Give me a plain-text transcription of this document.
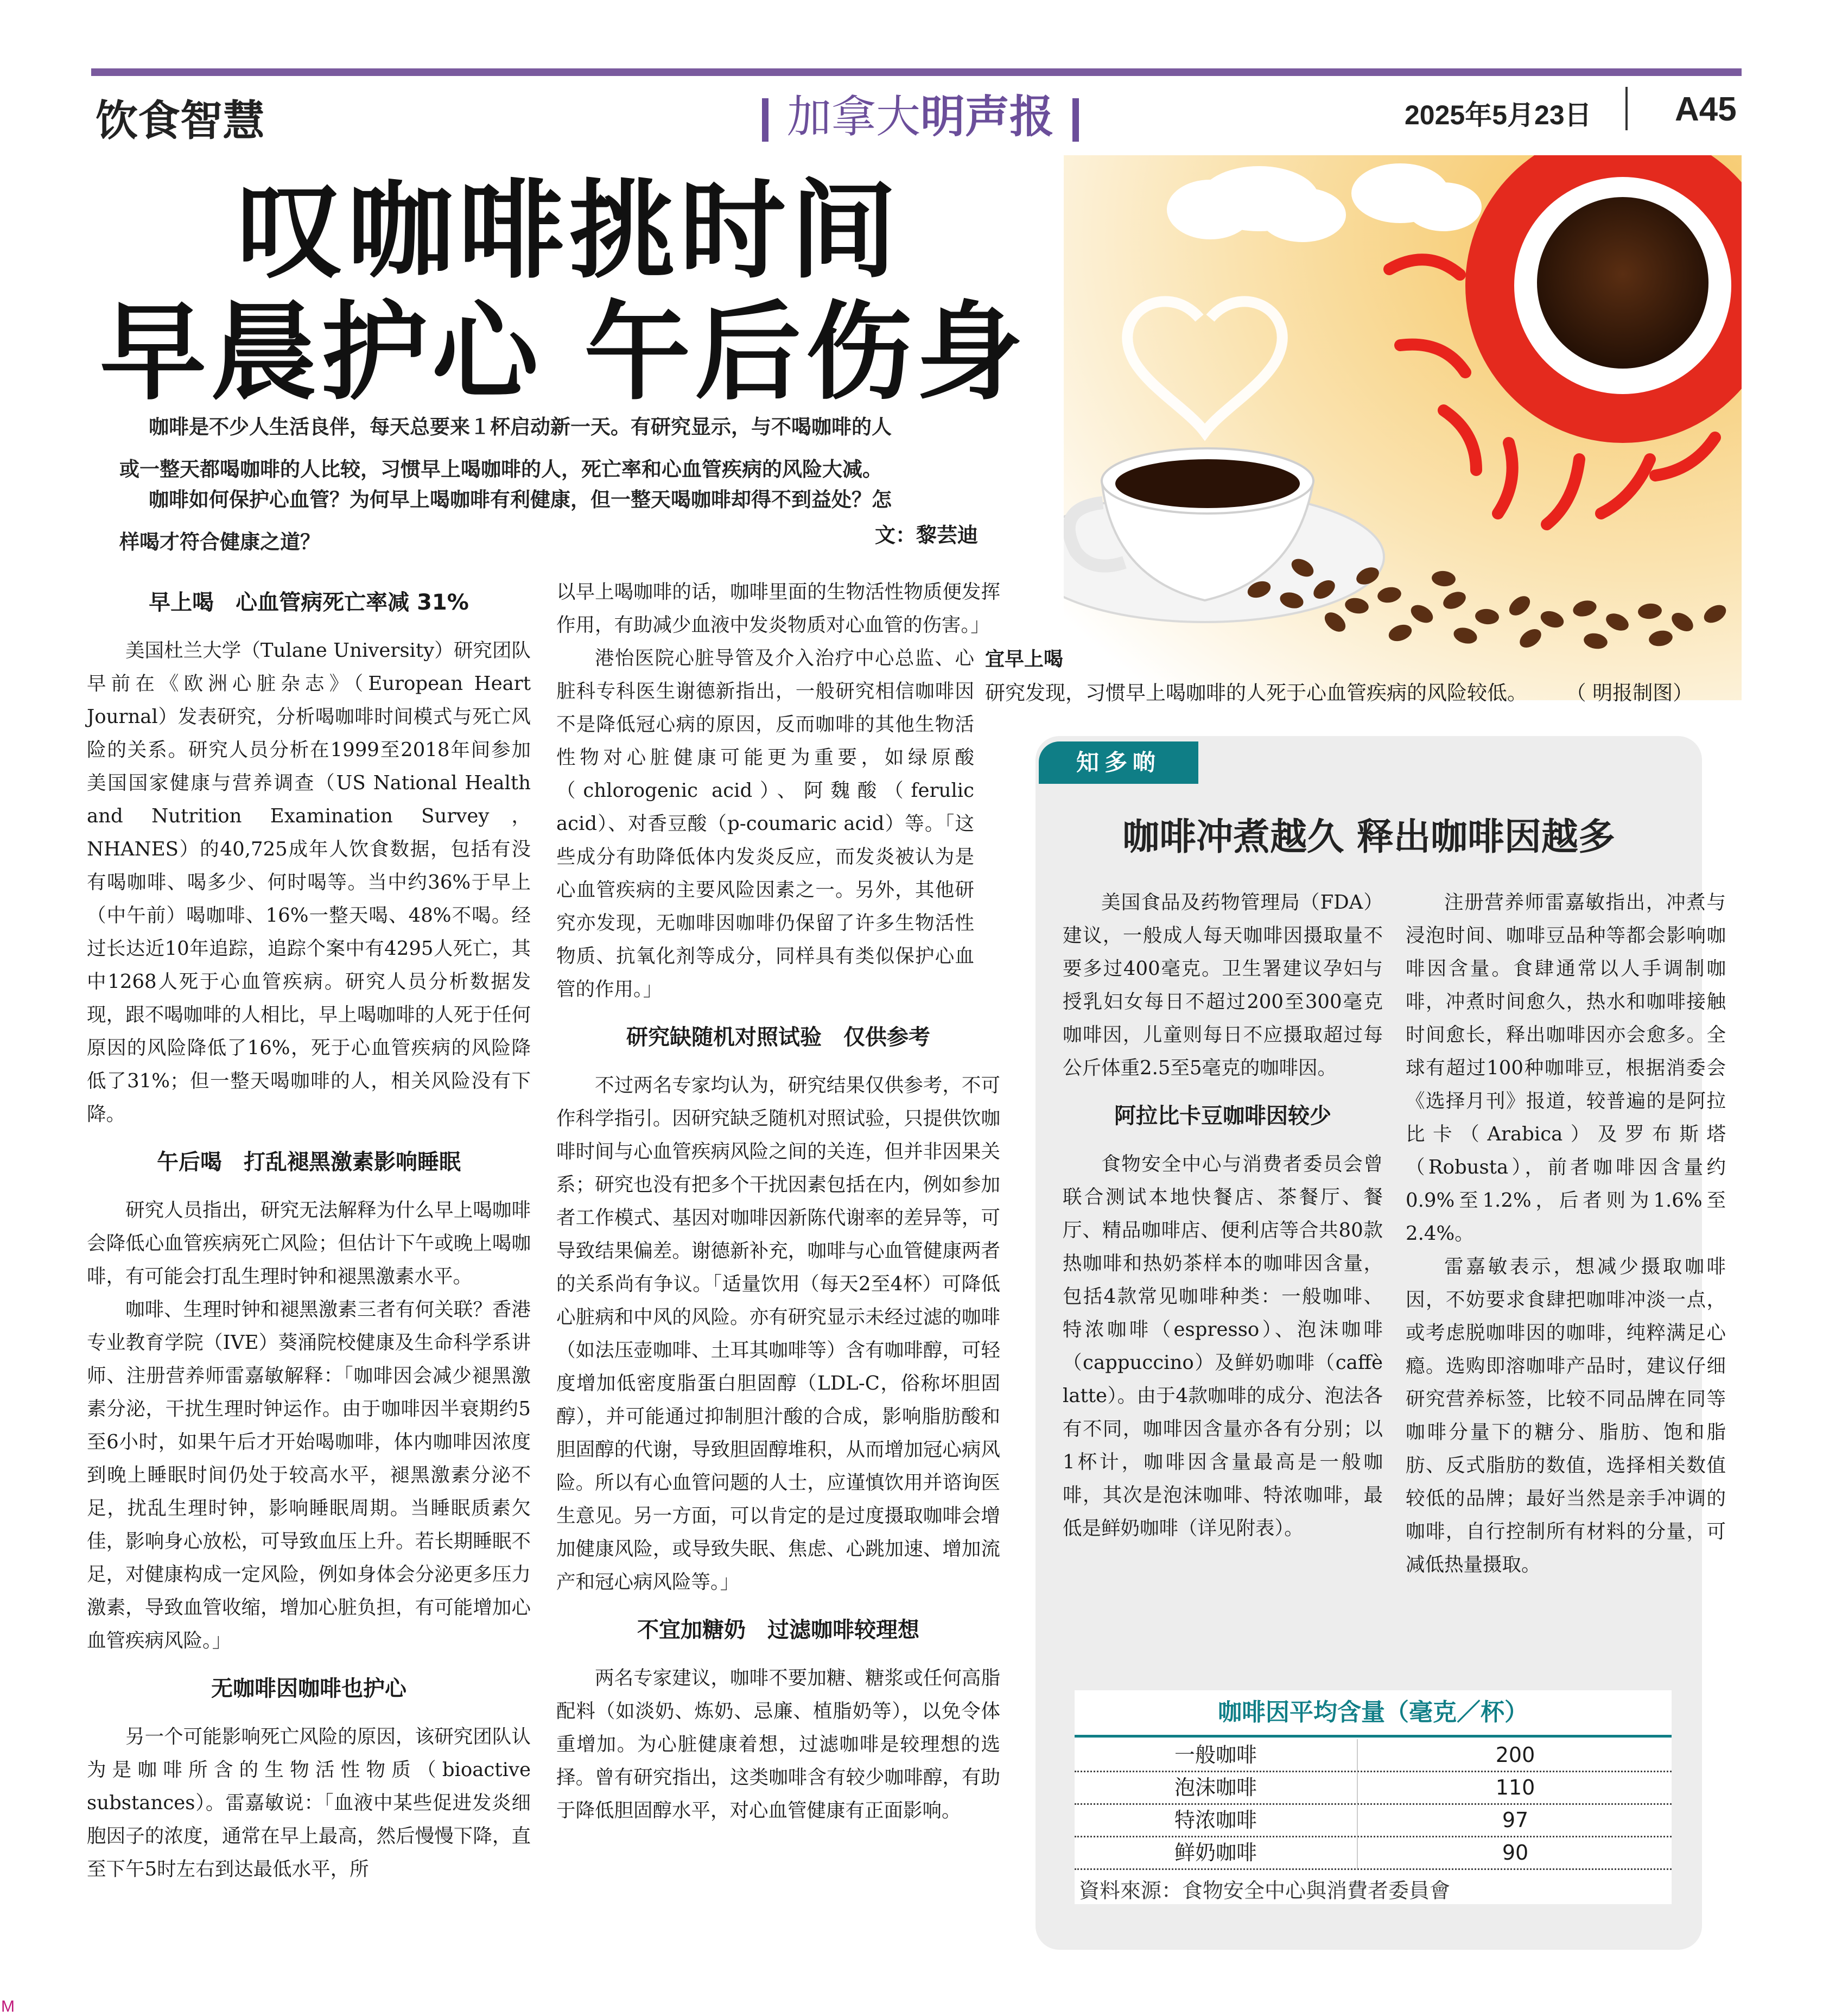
饮食智慧	加拿大明声报	2025年5月23日 A45
叹咖啡挑时间
早晨护心 午后伤身
咖啡是不少人生活良伴，每天总要来１杯启动新一天。有研究显示，与不喝咖啡的人
或一整天都喝咖啡的人比较，习惯早上喝咖啡的人，死亡率和心血管疾病的风险大减。
咖啡如何保护心血管？为何早上喝咖啡有利健康，但一整天喝咖啡却得不到益处？怎
样喝才符合健康之道？	文：黎芸迪
宜早上喝
研究发现，习惯早上喝咖啡的人死于心血管疾病的风险较低。 （ 明报制图）
早上喝　心血管病死亡率减 31%

美国杜兰大学（Tulane University）研究团队早前在《欧洲心脏杂志》（European Heart Journal）发表研究，分析喝咖啡时间模式与死亡风险的关系。研究人员分析在1999至2018年间参加美国国家健康与营养调查（US National Health and Nutrition Examination Survey，NHANES）的40,725成年人饮食数据，包括有没有喝咖啡、喝多少、何时喝等。当中约36%于早上（中午前）喝咖啡、16%一整天喝、48%不喝。经过长达近10年追踪，追踪个案中有4295人死亡，其中1268人死于心血管疾病。研究人员分析数据发现，跟不喝咖啡的人相比，早上喝咖啡的人死于任何原因的风险降低了16%，死于心血管疾病的风险降低了31%；但一整天喝咖啡的人，相关风险没有下降。

午后喝　打乱褪黑激素影响睡眠

研究人员指出，研究无法解释为什么早上喝咖啡会降低心血管疾病死亡风险；但估计下午或晚上喝咖啡，有可能会打乱生理时钟和褪黑激素水平。

咖啡、生理时钟和褪黑激素三者有何关联？香港专业教育学院（IVE）葵涌院校健康及生命科学系讲师、注册营养师雷嘉敏解释：「咖啡因会减少褪黑激素分泌，干扰生理时钟运作。由于咖啡因半衰期约5至6小时，如果午后才开始喝咖啡，体内咖啡因浓度到晚上睡眠时间仍处于较高水平，褪黑激素分泌不足，扰乱生理时钟，影响睡眠周期。当睡眠质素欠佳，影响身心放松，可导致血压上升。若长期睡眠不足，对健康构成一定风险，例如身体会分泌更多压力激素，导致血管收缩，增加心脏负担，有可能增加心血管疾病风险。」

无咖啡因咖啡也护心

另一个可能影响死亡风险的原因，该研究团队认为是咖啡所含的生物活性物质（bioactive substances）。雷嘉敏说：「血液中某些促进发炎细胞因子的浓度，通常在早上最高，然后慢慢下降，直至下午5时左右到达最低水平，所

以早上喝咖啡的话，咖啡里面的生物活性物质便发挥作用，有助减少血液中发炎物质对心血管的伤害。」

港怡医院心脏导管及介入治疗中心总监、心脏科专科医生谢德新指出，一般研究相信咖啡因不是降低冠心病的原因，反而咖啡的其他生物活性物对心脏健康可能更为重要，如绿原酸（chlorogenic acid）、阿魏酸（ferulic acid）、对香豆酸（p-coumaric acid）等。「这些成分有助降低体内发炎反应，而发炎被认为是心血管疾病的主要风险因素之一。另外，其他研究亦发现，无咖啡因咖啡仍保留了许多生物活性物质、抗氧化剂等成分，同样具有类似保护心血管的作用。」

研究缺随机对照试验　仅供参考

不过两名专家均认为，研究结果仅供参考，不可作科学指引。因研究缺乏随机对照试验，只提供饮咖啡时间与心血管疾病风险之间的关连，但并非因果关系；研究也没有把多个干扰因素包括在内，例如参加者工作模式、基因对咖啡因新陈代谢率的差异等，可导致结果偏差。谢德新补充，咖啡与心血管健康两者的关系尚有争议。「适量饮用（每天2至4杯）可降低心脏病和中风的风险。亦有研究显示未经过滤的咖啡（如法压壶咖啡、土耳其咖啡等）含有咖啡醇，可轻度增加低密度脂蛋白胆固醇（LDL-C，俗称坏胆固醇），并可能通过抑制胆汁酸的合成，影响脂肪酸和胆固醇的代谢，导致胆固醇堆积，从而增加冠心病风险。所以有心血管问题的人士，应谨慎饮用并谘询医生意见。另一方面，可以肯定的是过度摄取咖啡会增加健康风险，或导致失眠、焦虑、心跳加速、增加流产和冠心病风险等。」

不宜加糖奶　过滤咖啡较理想

两名专家建议，咖啡不要加糖、糖浆或任何高脂配料（如淡奶、炼奶、忌廉、植脂奶等），以免令体重增加。为心脏健康着想，过滤咖啡是较理想的选择。曾有研究指出，这类咖啡含有较少咖啡醇，有助于降低胆固醇水平，对心血管健康有正面影响。

知多啲
咖啡冲煮越久 释出咖啡因越多

美国食品及药物管理局（FDA）建议，一般成人每天咖啡因摄取量不要多过400毫克。卫生署建议孕妇与授乳妇女每日不超过200至300毫克咖啡因，儿童则每日不应摄取超过每公斤体重2.5至5毫克的咖啡因。

阿拉比卡豆咖啡因较少

食物安全中心与消费者委员会曾联合测试本地快餐店、茶餐厅、餐厅、精品咖啡店、便利店等合共80款热咖啡和热奶茶样本的咖啡因含量，包括4款常见咖啡种类：一般咖啡、特浓咖啡（espresso）、泡沫咖啡（cappuccino）及鲜奶咖啡（caffè latte）。由于4款咖啡的成分、泡法各有不同，咖啡因含量亦各有分别；以1杯计，咖啡因含量最高是一般咖啡，其次是泡沫咖啡、特浓咖啡，最低是鲜奶咖啡（详见附表）。

注册营养师雷嘉敏指出，冲煮与浸泡时间、咖啡豆品种等都会影响咖啡因含量。食肆通常以人手调制咖啡，冲煮时间愈久，热水和咖啡接触时间愈长，释出咖啡因亦会愈多。全球有超过100种咖啡豆，根据消委会《选择月刊》报道，较普遍的是阿拉比卡（Arabica）及罗布斯塔（Robusta），前者咖啡因含量约0.9%至1.2%，后者则为1.6%至2.4%。

雷嘉敏表示，想减少摄取咖啡因，不妨要求食肆把咖啡冲淡一点，或考虑脱咖啡因的咖啡，纯粹满足心瘾。选购即溶咖啡产品时，建议仔细研究营养标签，比较不同品牌在同等咖啡分量下的糖分、脂肪、饱和脂肪、反式脂肪的数值，选择相关数值较低的品牌；最好当然是亲手冲调的咖啡，自行控制所有材料的分量，可减低热量摄取。

咖啡因平均含量（毫克／杯）
一般咖啡	200
泡沫咖啡	110
特浓咖啡	97
鲜奶咖啡	90
資料來源：食物安全中心與消費者委員會
M
